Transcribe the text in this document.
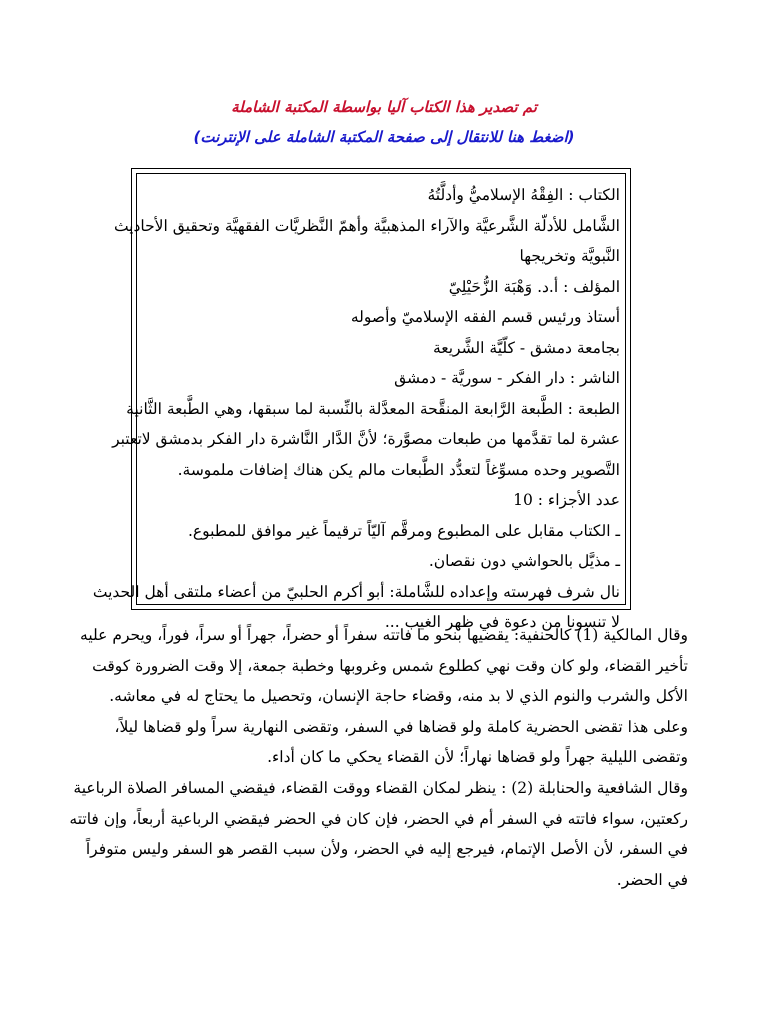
تم تصدير هذا الكتاب آليا بواسطة المكتبة الشاملة
(اضغط هنا للانتقال إلى صفحة المكتبة الشاملة على الإنترنت)
الكتاب : الفِقْهُ الإسلاميُّ وأدلَّتُهُ
الشَّامل للأدلّة الشَّرعيَّة والآراء المذهبيَّة وأهمّ النَّظريَّات الفقهيَّة وتحقيق الأحاديث
النَّبويَّة وتخريجها
المؤلف : أ.د. وَهْبَة الزُّحَيْلِيّ
أستاذ ورئيس قسم الفقه الإسلاميّ وأصوله
بجامعة دمشق - كلّيَّة الشَّريعة
الناشر : دار الفكر - سوريَّة - دمشق
الطبعة : الطَّبعة الرَّابعة المنقَّحة المعدَّلة بالنِّسبة لما سبقها، وهي الطَّبعة الثَّانية
عشرة لما تقدَّمها من طبعات مصوَّرة؛ لأنَّ الدَّار النَّاشرة دار الفكر بدمشق لاتعتبر
التَّصوير وحده مسوِّغاً لتعدُّد الطَّبعات مالم يكن هناك إضافات ملموسة.
عدد الأجزاء : 10
ـ الكتاب مقابل على المطبوع ومرقَّم آليّاً ترقيماً غير موافق للمطبوع.
ـ مذيَّل بالحواشي دون نقصان.
نال شرف فهرسته وإعداده للشَّاملة: أبو أكرم الحلبيّ من أعضاء ملتقى أهل الحديث
لا تنسونا من دعوة في ظهر الغيب ...
وقال المالكية (1) كالحنفية: يقضيها بنحو ما فاتته سفراً أو حضراً، جهراً أو سراً، فوراً، ويحرم عليه
تأخير القضاء، ولو كان وقت نهي كطلوع شمس وغروبها وخطبة جمعة، إلا وقت الضرورة كوقت
الأكل والشرب والنوم الذي لا بد منه، وقضاء حاجة الإنسان، وتحصيل ما يحتاج له في معاشه.
وعلى هذا تقضى الحضرية كاملة ولو قضاها في السفر، وتقضى النهارية سراً ولو قضاها ليلاً،
وتقضى الليلية جهراً ولو قضاها نهاراً؛ لأن القضاء يحكي ما كان أداء.
وقال الشافعية والحنابلة (2) : ينظر لمكان القضاء ووقت القضاء، فيقضي المسافر الصلاة الرباعية
ركعتين، سواء فاتته في السفر أم في الحضر، فإن كان في الحضر فيقضي الرباعية أربعاً، وإن فاتته
في السفر، لأن الأصل الإتمام، فيرجع إليه في الحضر، ولأن سبب القصر هو السفر وليس متوفراً
في الحضر.
